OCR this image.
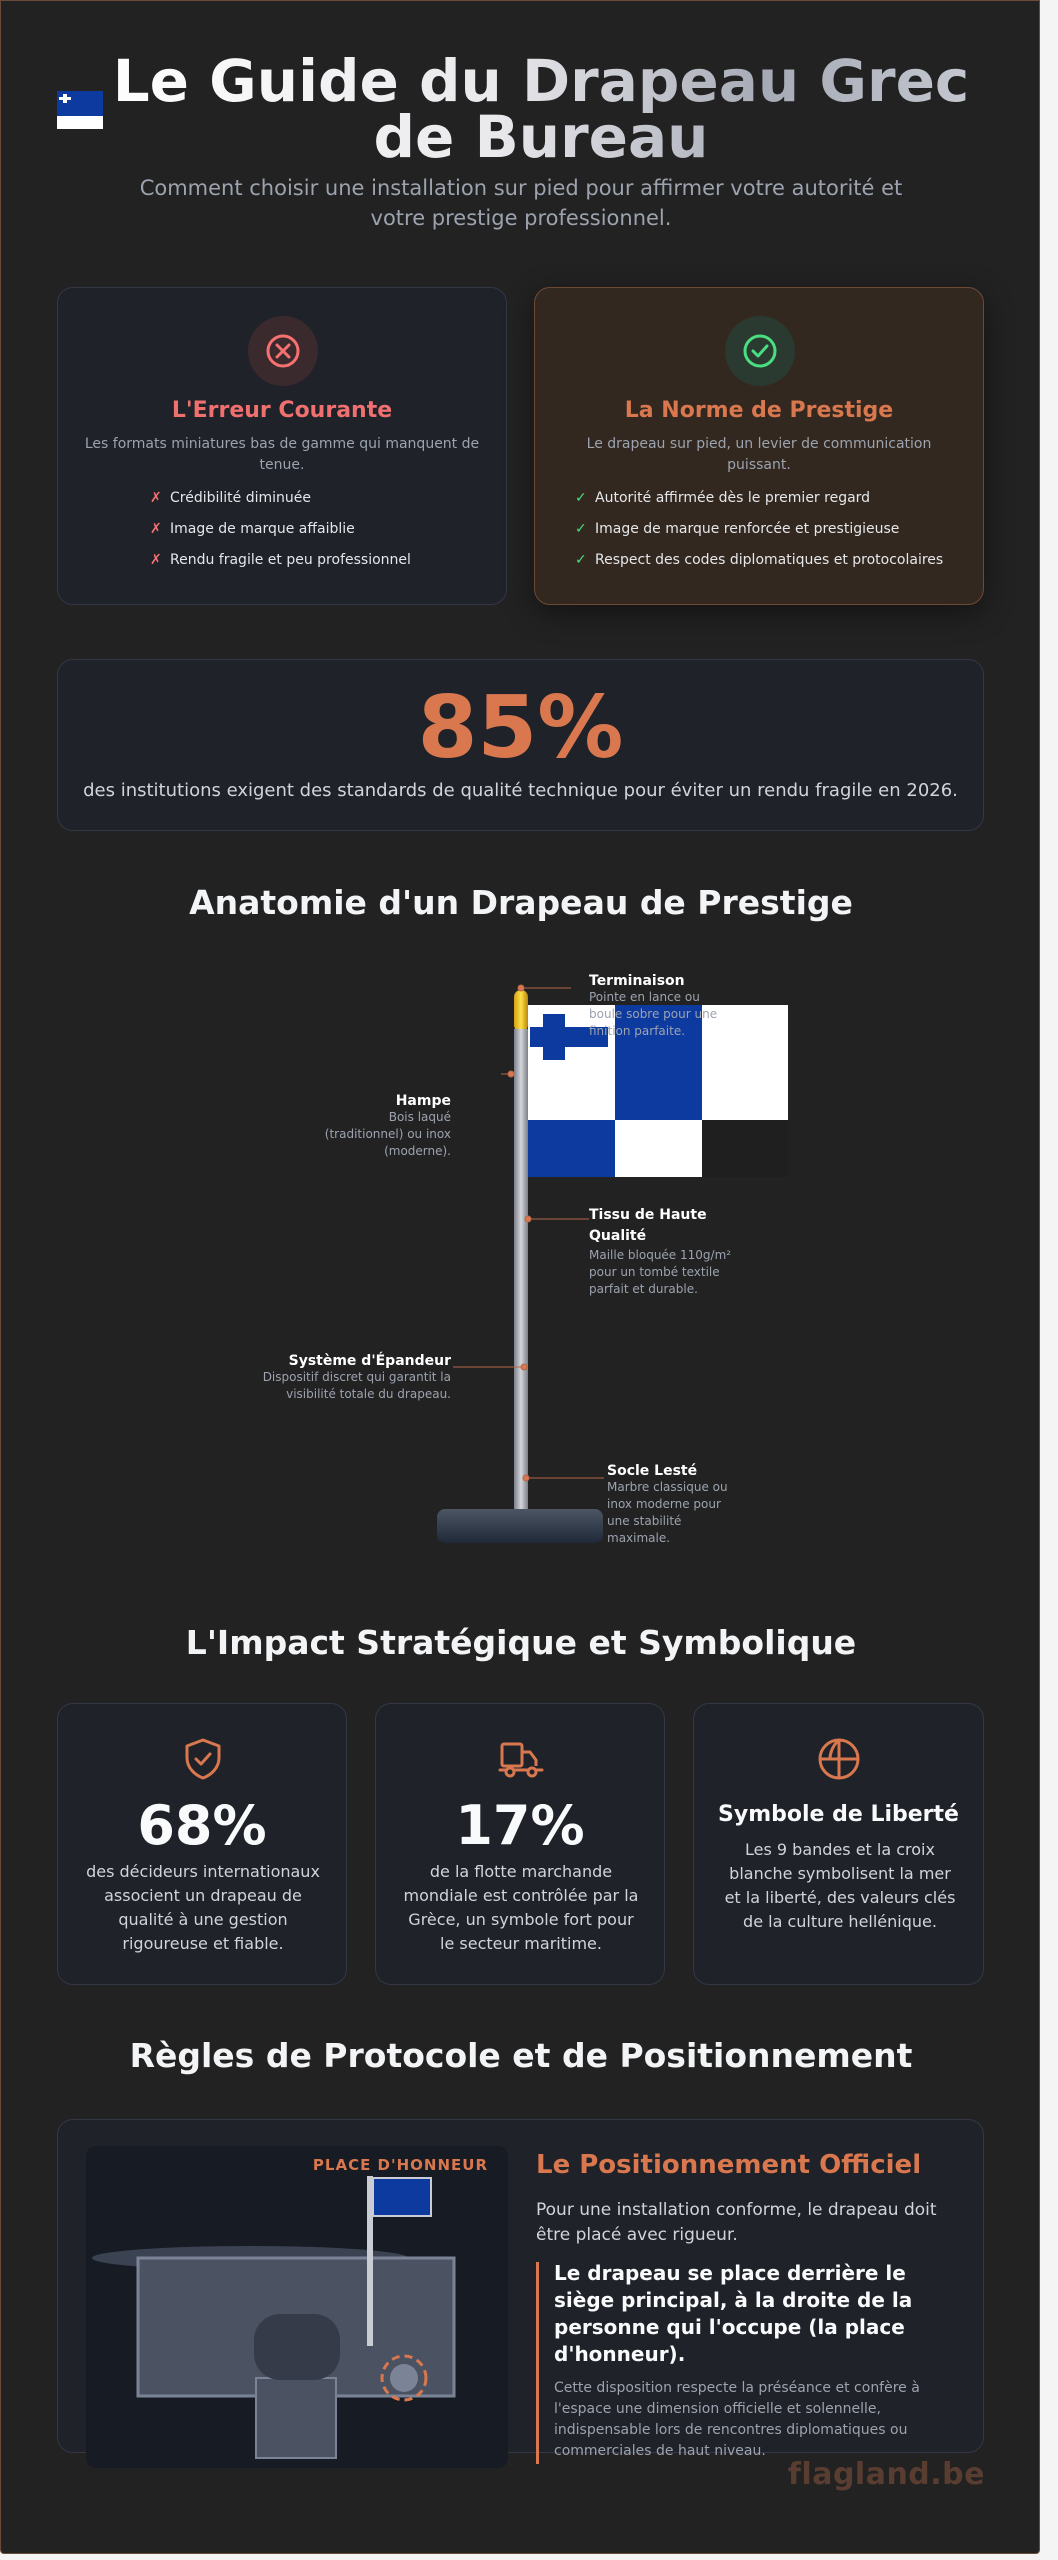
Le Guide du Drapeau Grec de Bureau
Comment choisir une installation sur pied pour affirmer votre autorité et votre prestige professionnel.
L'Erreur Courante
Les formats miniatures bas de gamme qui manquent de tenue.
✗ Crédibilité diminuée
✗ Image de marque affaiblie
✗ Rendu fragile et peu professionnel
La Norme de Prestige
Le drapeau sur pied, un levier de communication puissant.
✓ Autorité affirmée dès le premier regard
✓ Image de marque renforcée et prestigieuse
✓ Respect des codes diplomatiques et protocolaires
85%
des institutions exigent des standards de qualité technique pour éviter un rendu fragile en 2026.
Anatomie d'un Drapeau de Prestige
Terminaison
Pointe en lance ou boule sobre pour une finition parfaite.
Hampe
Bois laqué (traditionnel) ou inox (moderne).
Tissu de Haute Qualité
Maille bloquée 110g/m² pour un tombé textile parfait et durable.
Système d'Épandeur
Dispositif discret qui garantit la visibilité totale du drapeau.
Socle Lesté
Marbre classique ou inox moderne pour une stabilité maximale.
L'Impact Stratégique et Symbolique
68%
des décideurs internationaux associent un drapeau de qualité à une gestion rigoureuse et fiable.
17%
de la flotte marchande mondiale est contrôlée par la Grèce, un symbole fort pour le secteur maritime.
Symbole de Liberté
Les 9 bandes et la croix blanche symbolisent la mer et la liberté, des valeurs clés de la culture hellénique.
Règles de Protocole et de Positionnement
PLACE D'HONNEUR Le Positionnement Officiel
Pour une installation conforme, le drapeau doit être placé avec rigueur.
Le drapeau se place derrière le siège principal, à la droite de la personne qui l'occupe (la place d'honneur).
Cette disposition respecte la préséance et confère à l'espace une dimension officielle et solennelle, indispensable lors de rencontres diplomatiques ou commerciales de haut niveau.
flagland.be
